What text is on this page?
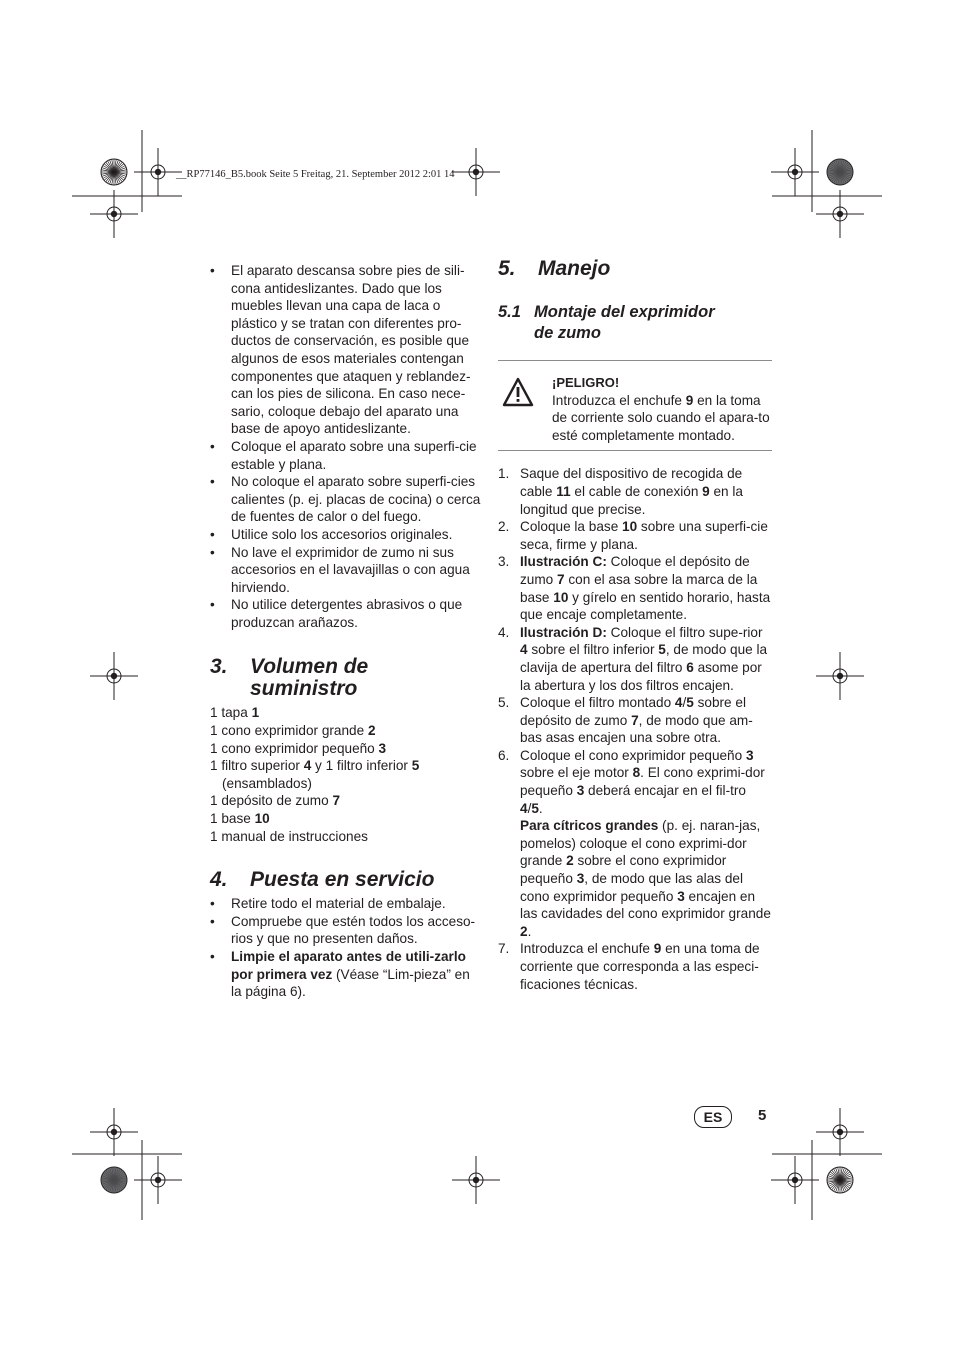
__RP77146_B5.book Seite 5 Freitag, 21. September 2012 2:01 14
• El aparato descansa sobre pies de sili-cona antideslizantes. Dado que los muebles llevan una capa de laca o plástico y se tratan con diferentes pro-ductos de conservación, es posible que algunos de esos materiales contengan componentes que ataquen y reblandez-can los pies de silicona. En caso nece-sario, coloque debajo del aparato una base de apoyo antideslizante.
• Coloque el aparato sobre una superfi-cie estable y plana.
• No coloque el aparato sobre superfi-cies calientes (p. ej. placas de cocina) o cerca de fuentes de calor o del fuego.
• Utilice solo los accesorios originales.
• No lave el exprimidor de zumo ni sus accesorios en el lavavajillas o con agua hirviendo.
• No utilice detergentes abrasivos o que produzcan arañazos.
3. Volumen de
suministro
1 tapa 1
1 cono exprimidor grande 2
1 cono exprimidor pequeño 3
1 filtro superior 4 y 1 filtro inferior 5 (ensamblados)
1 depósito de zumo 7
1 base 10
1 manual de instrucciones
4. Puesta en servicio
• Retire todo el material de embalaje.
• Compruebe que estén todos los acceso-rios y que no presenten daños.
• Limpie el aparato antes de utili-zarlo por primera vez (Véase “Lim-pieza” en la página 6).
5. Manejo
5.1 Montaje del exprimidor
de zumo
¡PELIGRO!
Introduzca el enchufe 9 en la toma de corriente solo cuando el apara-to esté completamente montado.
1. Saque del dispositivo de recogida de cable 11 el cable de conexión 9 en la longitud que precise.
2. Coloque la base 10 sobre una superfi-cie seca, firme y plana.
3. Ilustración C: Coloque el depósito de zumo 7 con el asa sobre la marca de la base 10 y gírelo en sentido horario, hasta que encaje completamente.
4. Ilustración D: Coloque el filtro supe-rior 4 sobre el filtro inferior 5, de modo que la clavija de apertura del filtro 6 asome por la abertura y los dos filtros encajen.
5. Coloque el filtro montado 4/5 sobre el depósito de zumo 7, de modo que am-bas asas encajen una sobre otra.
6. Coloque el cono exprimidor pequeño 3 sobre el eje motor 8. El cono exprimi-dor pequeño 3 deberá encajar en el fil-tro 4/5.
Para cítricos grandes (p. ej. naran-jas, pomelos) coloque el cono exprimi-dor grande 2 sobre el cono exprimidor pequeño 3, de modo que las alas del cono exprimidor pequeño 3 encajen en las cavidades del cono exprimidor grande 2.
7. Introduzca el enchufe 9 en una toma de corriente que corresponda a las especi-ficaciones técnicas.
ES	5
